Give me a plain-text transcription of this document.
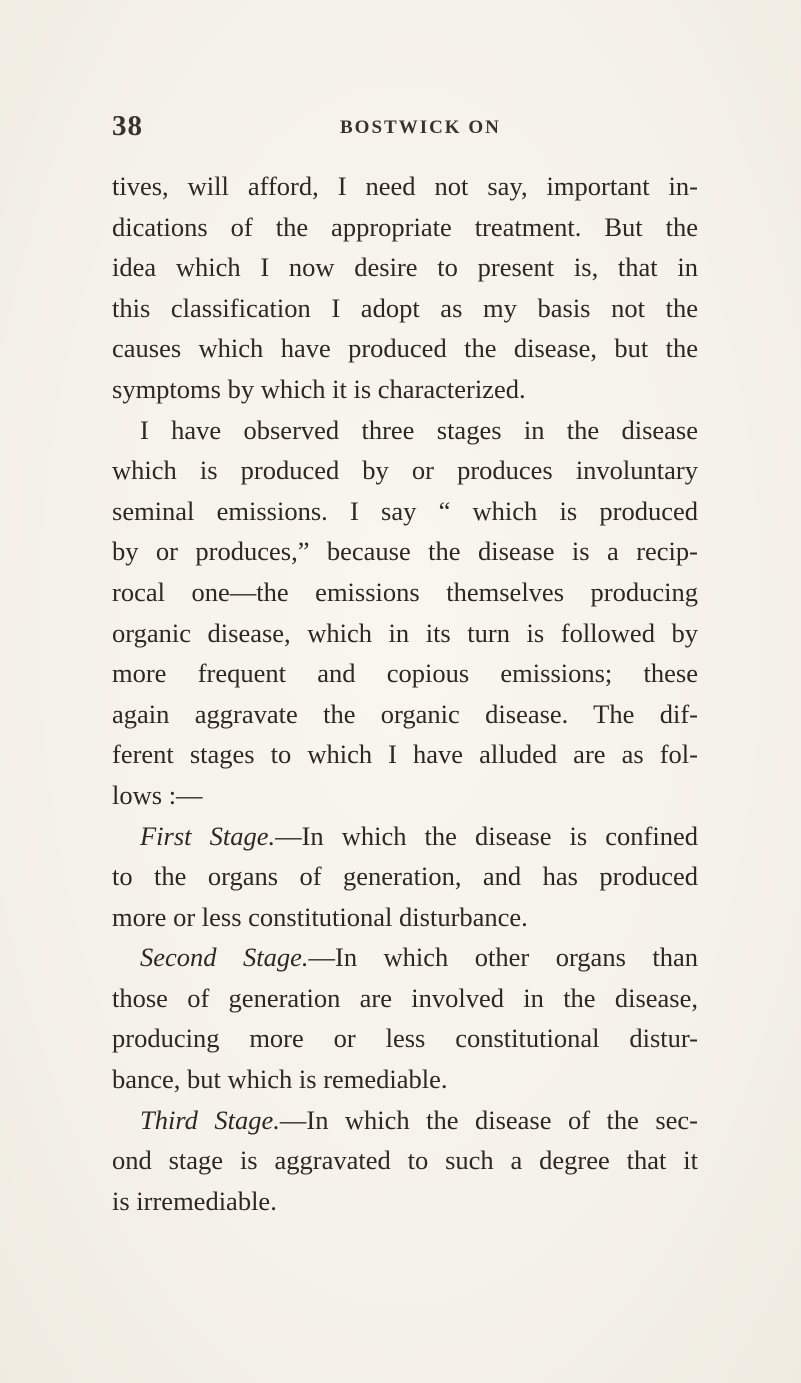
38	BOSTWICK ON
tives, will afford, I need not say, important in-
dications of the appropriate treatment. But the
idea which I now desire to present is, that in
this classification I adopt as my basis not the
causes which have produced the disease, but the
symptoms by which it is characterized.
I have observed three stages in the disease
which is produced by or produces involuntary
seminal emissions. I say “ which is produced
by or produces,” because the disease is a recip-
rocal one—the emissions themselves producing
organic disease, which in its turn is followed by
more frequent and copious emissions; these
again aggravate the organic disease. The dif-
ferent stages to which I have alluded are as fol-
lows :—
First Stage.—In which the disease is confined
to the organs of generation, and has produced
more or less constitutional disturbance.
Second Stage.—In which other organs than
those of generation are involved in the disease,
producing more or less constitutional distur-
bance, but which is remediable.
Third Stage.—In which the disease of the sec-
ond stage is aggravated to such a degree that it
is irremediable.
